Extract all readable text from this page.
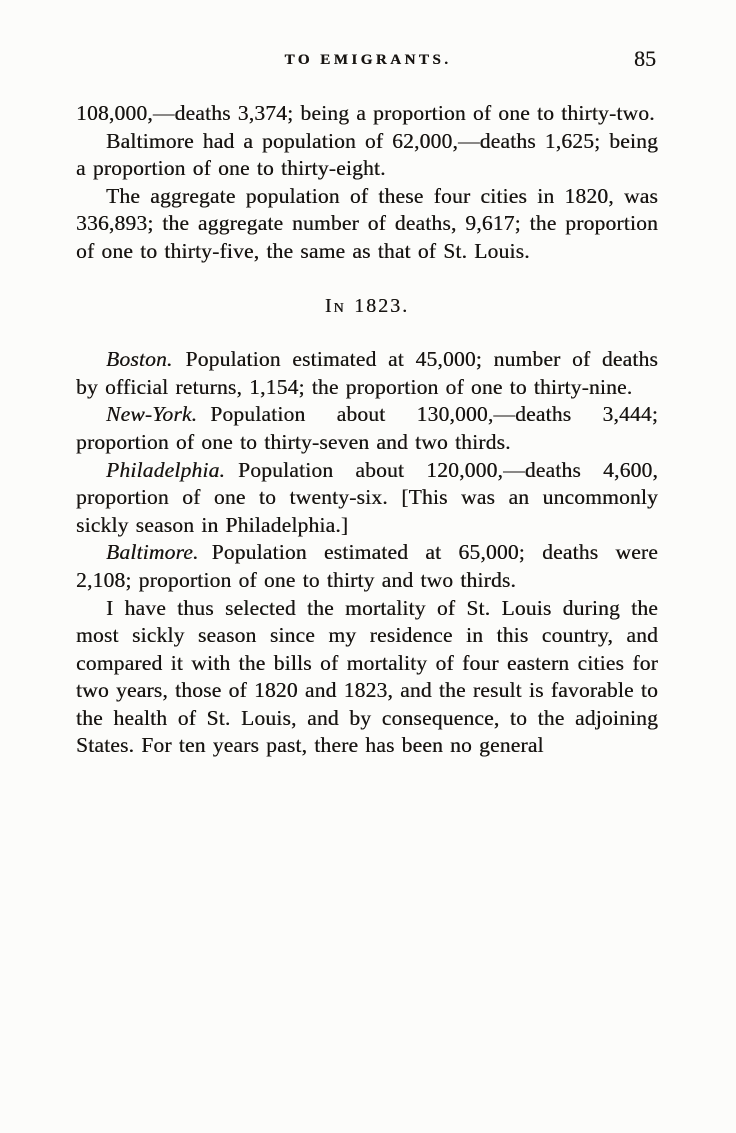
TO EMIGRANTS.	85

108,000,—deaths 3,374; being a proportion of one to thirty-two.

Baltimore had a population of 62,000,—deaths 1,625; being a proportion of one to thirty-eight.

The aggregate population of these four cities in 1820, was 336,893; the aggregate number of deaths, 9,617; the proportion of one to thirty-five, the same as that of St. Louis.

In 1823.

Boston. Population estimated at 45,000; number of deaths by official returns, 1,154; the proportion of one to thirty-nine.

New-York. Population about 130,000,—deaths 3,444; proportion of one to thirty-seven and two thirds.

Philadelphia. Population about 120,000,—deaths 4,600, proportion of one to twenty-six. [This was an uncommonly sickly season in Philadelphia.]

Baltimore. Population estimated at 65,000; deaths were 2,108; proportion of one to thirty and two thirds.

I have thus selected the mortality of St. Louis during the most sickly season since my residence in this country, and compared it with the bills of mortality of four eastern cities for two years, those of 1820 and 1823, and the result is favorable to the health of St. Louis, and by consequence, to the adjoining States. For ten years past, there has been no general
